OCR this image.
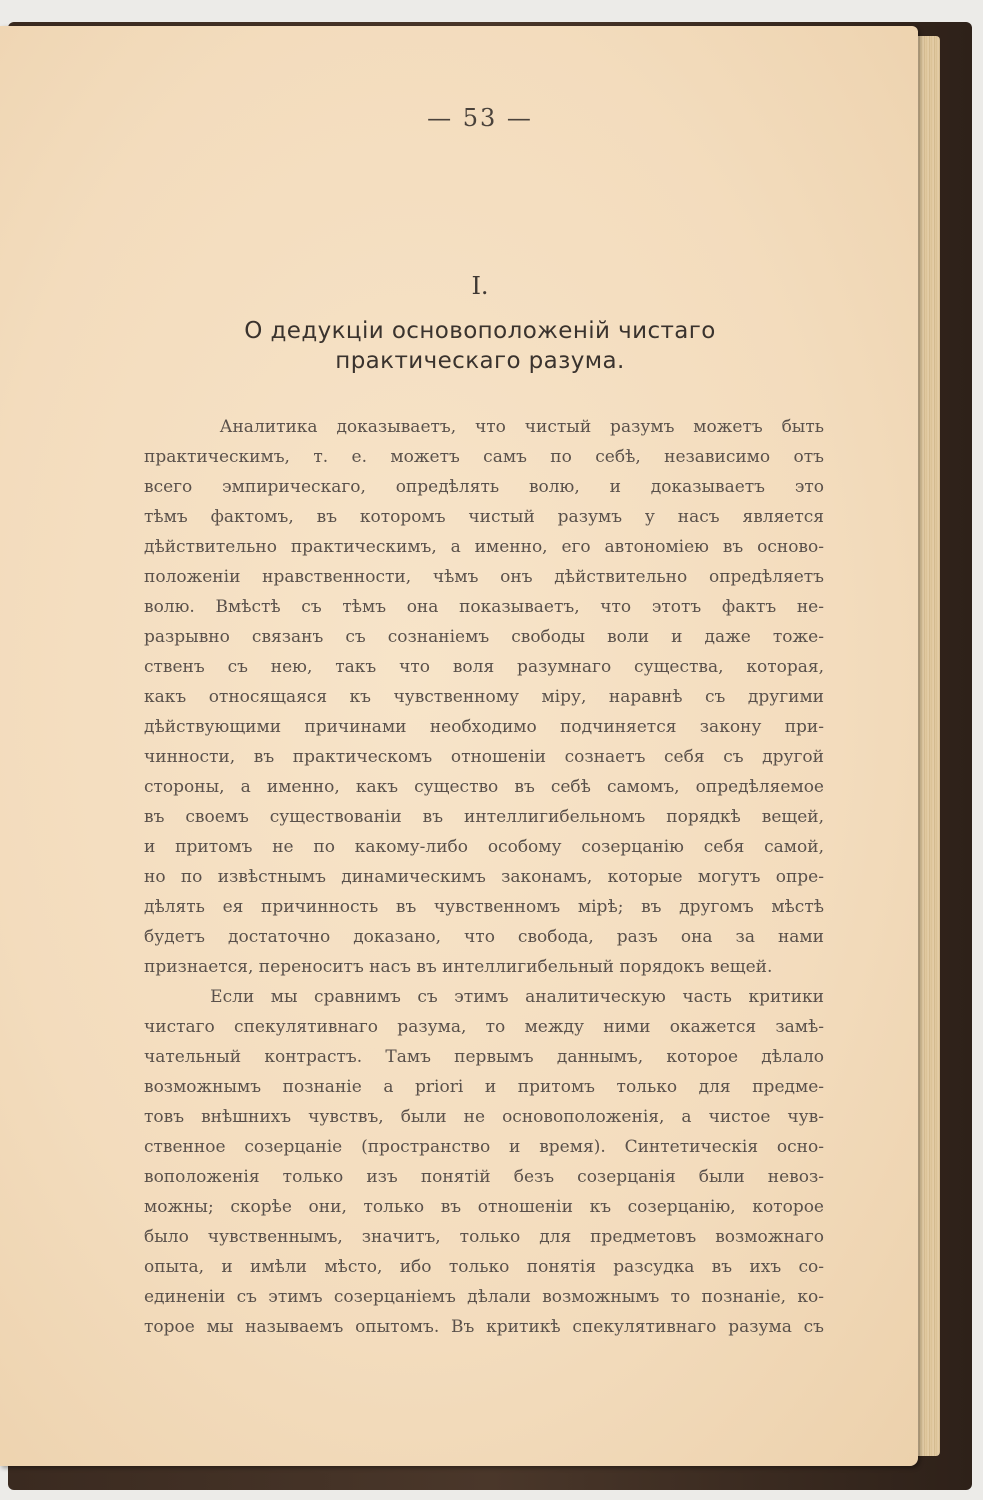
— 53 —
I.
О дедукціи основоположеній чистаго
практическаго разума.
Аналитика доказываетъ, что чистый разумъ можетъ быть
практическимъ, т. е. можетъ самъ по себѣ, независимо отъ
всего эмпирическаго, опредѣлять волю, и доказываетъ это
тѣмъ фактомъ, въ которомъ чистый разумъ у насъ является
дѣйствительно практическимъ, а именно, его автономіею въ осново-
положеніи нравственности, чѣмъ онъ дѣйствительно опредѣляетъ
волю. Вмѣстѣ съ тѣмъ она показываетъ, что этотъ фактъ не-
разрывно связанъ съ сознаніемъ свободы воли и даже тоже-
ственъ съ нею, такъ что воля разумнаго существа, которая,
какъ относящаяся къ чувственному міру, наравнѣ съ другими
дѣйствующими причинами необходимо подчиняется закону при-
чинности, въ практическомъ отношеніи сознаетъ себя съ другой
стороны, а именно, какъ существо въ себѣ самомъ, опредѣляемое
въ своемъ существованіи въ интеллигибельномъ порядкѣ вещей,
и притомъ не по какому-либо особому созерцанію себя самой,
но по извѣстнымъ динамическимъ законамъ, которые могутъ опре-
дѣлять ея причинность въ чувственномъ мірѣ; въ другомъ мѣстѣ
будетъ достаточно доказано, что свобода, разъ она за нами
признается, переноситъ насъ въ интеллигибельный порядокъ вещей.
Если мы сравнимъ съ этимъ аналитическую часть критики
чистаго спекулятивнаго разума, то между ними окажется замѣ-
чательный контрастъ. Тамъ первымъ даннымъ, которое дѣлало
возможнымъ познаніе a priori и притомъ только для предме-
товъ внѣшнихъ чувствъ, были не основоположенія, а чистое чув-
ственное созерцаніе (пространство и время). Синтетическія осно-
воположенія только изъ понятій безъ созерцанія были невоз-
можны; скорѣе они, только въ отношеніи къ созерцанію, которое
было чувственнымъ, значитъ, только для предметовъ возможнаго
опыта, и имѣли мѣсто, ибо только понятія разсудка въ ихъ со-
единеніи съ этимъ созерцаніемъ дѣлали возможнымъ то познаніе, ко-
торое мы называемъ опытомъ. Въ критикѣ спекулятивнаго разума съ
